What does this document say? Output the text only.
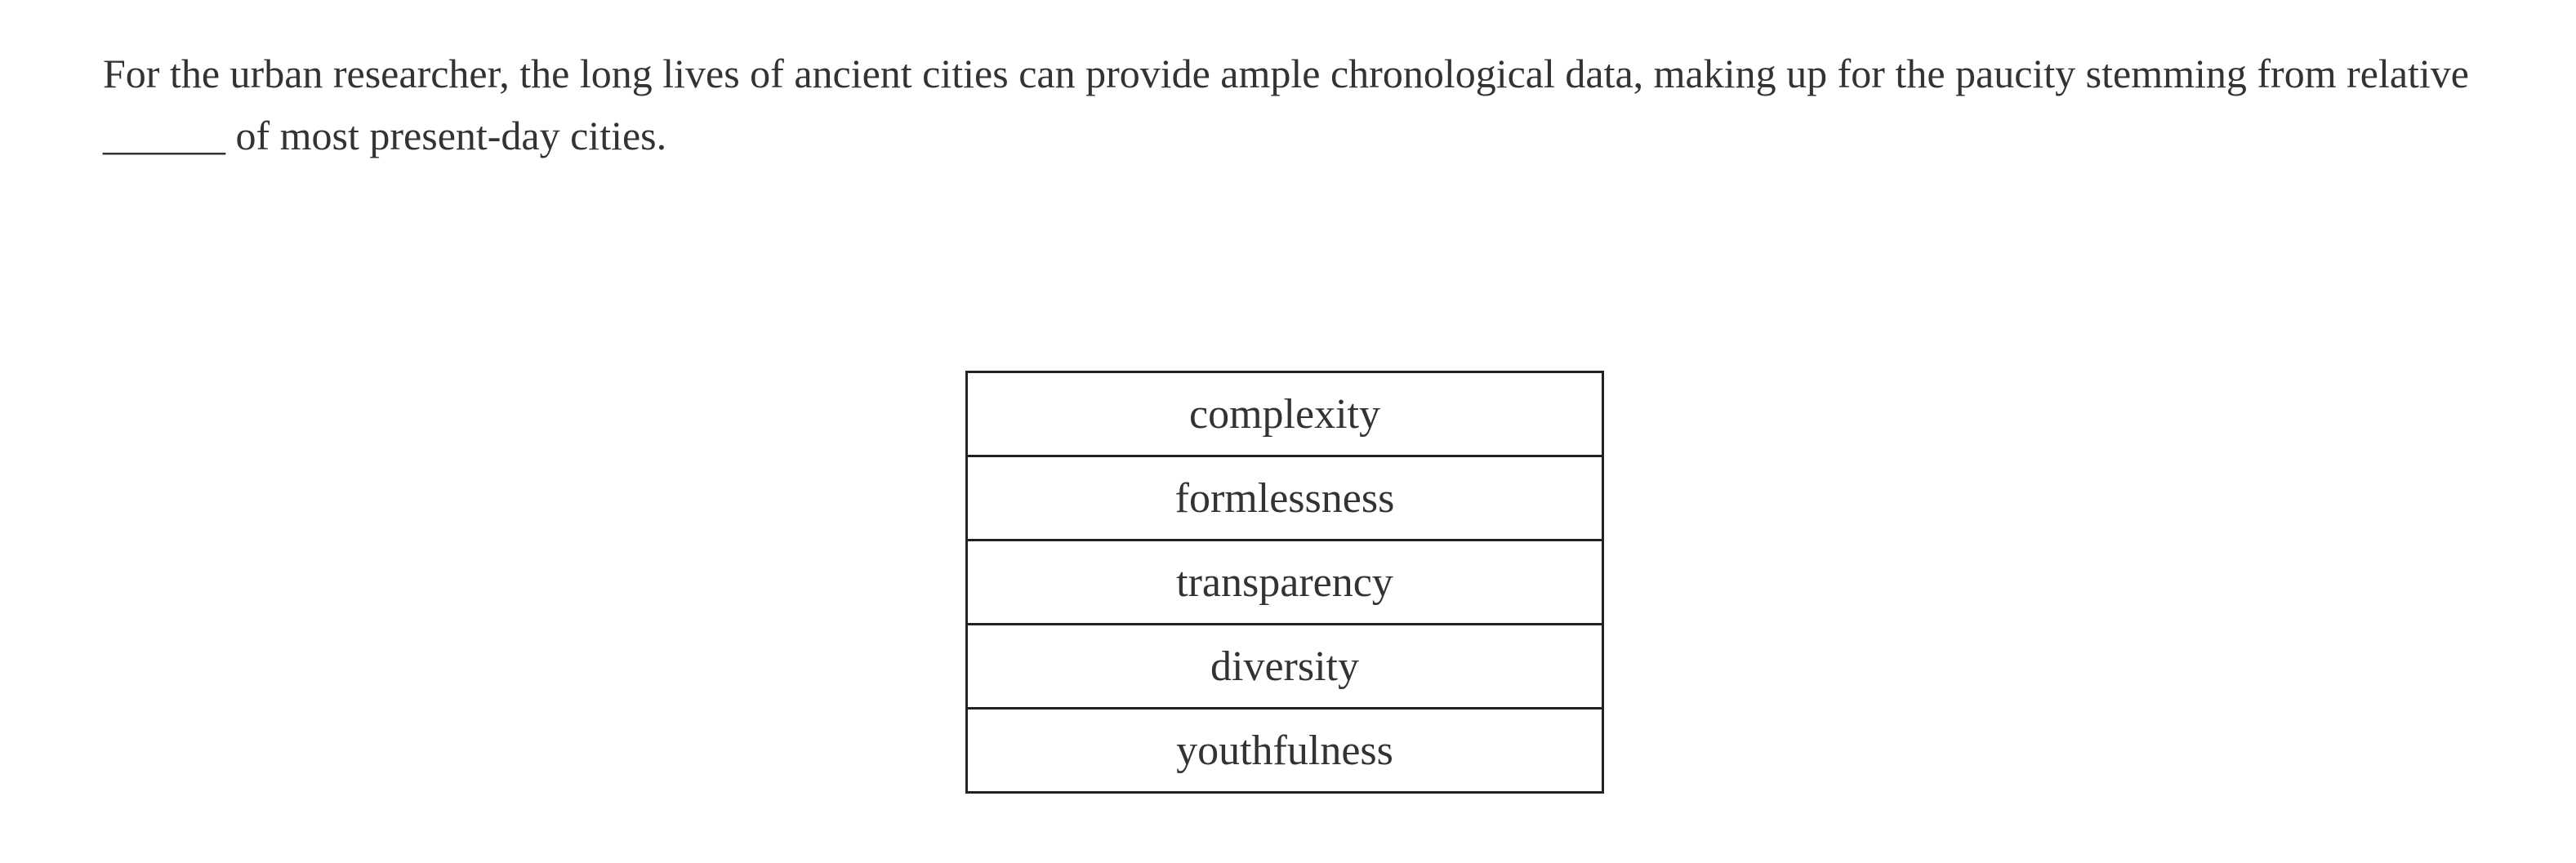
For the urban researcher, the long lives of ancient cities can provide ample chronological data, making up for the paucity stemming from relative ______ of most present-day cities.

complexity
formlessness
transparency
diversity
youthfulness
